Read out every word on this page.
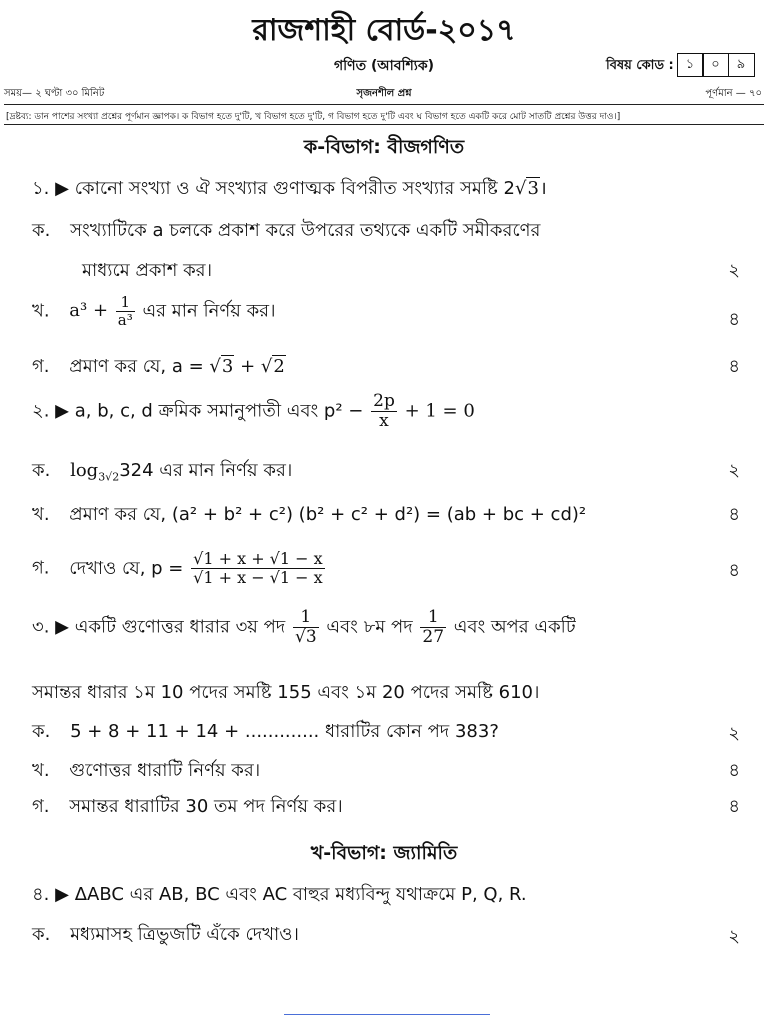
রাজশাহী বোর্ড-২০১৭
গণিত (আবশ্যিক)	বিষয় কোড : ১	০	৯
সময়— ২ ঘণ্টা ৩০ মিনিট	সৃজনশীল প্রশ্ন	পূর্ণমান — ৭০
[দ্রষ্টব্য: ডান পাশের সংখ্যা প্রশ্নের পূর্ণমান জ্ঞাপক। ক বিভাগ হতে দু'টি, খ বিভাগ হতে দু'টি, গ বিভাগ হতে দু'টি এবং ঘ বিভাগ হতে একটি করে মোট সাতটি প্রশ্নের উত্তর দাও।]
ক-বিভাগ: বীজগণিত
১. ▶ কোনো সংখ্যা ও ঐ সংখ্যার গুণাত্মক বিপরীত সংখ্যার সমষ্টি 2√3।
ক. সংখ্যাটিকে a চলকে প্রকাশ করে উপরের তথ্যকে একটি সমীকরণের
মাধ্যমে প্রকাশ কর।	২
খ. $a^3 + \frac{1}{\text{a³}}$ এর মান নির্ণয় কর।	৪
গ. প্রমাণ কর যে, a = √3 + √2	৪
২. ▶ a, b, c, d ক্রমিক সমানুপাতী এবং $p^2 - \frac{2p}{x} + 1 = 0$
ক. $\log_{3√2}324$ এর মান নির্ণয় কর।	২
খ. প্রমাণ কর যে, (a² + b² + c²) (b² + c² + d²) = (ab + bc + cd)²	৪
গ. দেখাও যে, $p = \frac{√1 + x + √1 - x}{√1 + x - √1 - x}$	৪
৩. ▶ একটি গুণোত্তর ধারার ৩য় পদ $\frac{1}{√3}$ এবং ৮ম পদ $\frac{1}{27}$ এবং অপর একটি
সমান্তর ধারার ১ম 10 পদের সমষ্টি 155 এবং ১ম 20 পদের সমষ্টি 610।
ক. 5 + 8 + 11 + 14 + ............. ধারাটির কোন পদ 383?	২
খ. গুণোত্তর ধারাটি নির্ণয় কর।	৪
গ. সমান্তর ধারাটির 30 তম পদ নির্ণয় কর।	৪
খ-বিভাগ: জ্যামিতি
৪. ▶ ΔABC এর AB, BC এবং AC বাহুর মধ্যবিন্দু যথাক্রমে P, Q, R.
ক. মধ্যমাসহ ত্রিভুজটি এঁকে দেখাও।	২
